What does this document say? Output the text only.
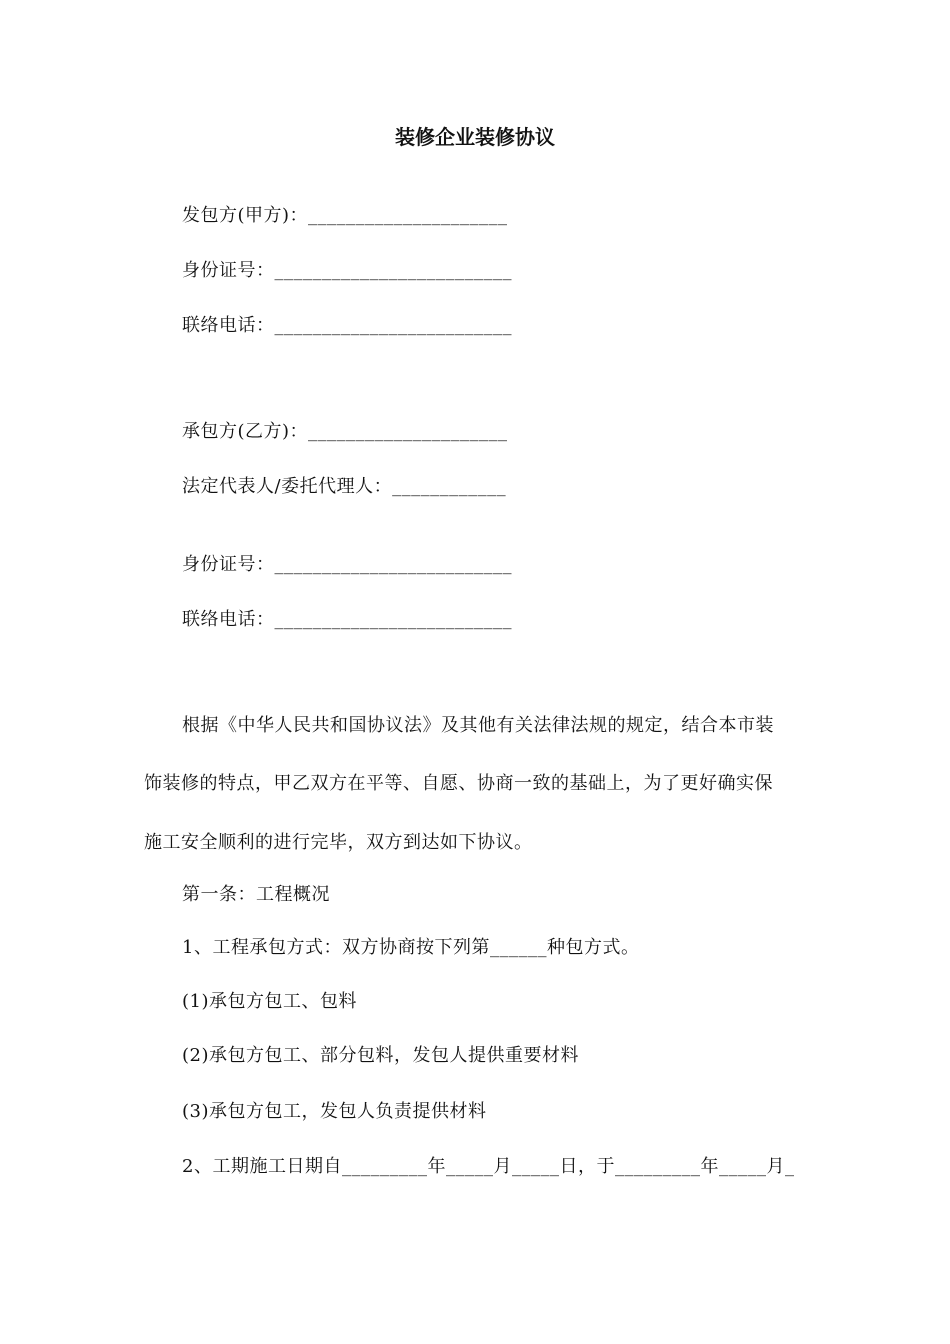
装修企业装修协议
发包方(甲方)：_____________________
身份证号：_________________________
联络电话：_________________________
承包方(乙方)：_____________________
法定代表人/委托代理人：____________
身份证号：_________________________
联络电话：_________________________
根据《中华人民共和国协议法》及其他有关法律法规的规定，结合本市装
饰装修的特点，甲乙双方在平等、自愿、协商一致的基础上，为了更好确实保
施工安全顺利的进行完毕，双方到达如下协议。
第一条：工程概况
1、工程承包方式：双方协商按下列第______种包方式。
(1)承包方包工、包料
(2)承包方包工、部分包料，发包人提供重要材料
(3)承包方包工，发包人负责提供材料
2、工期施工日期自_________年_____月_____日，于_________年_____月_
